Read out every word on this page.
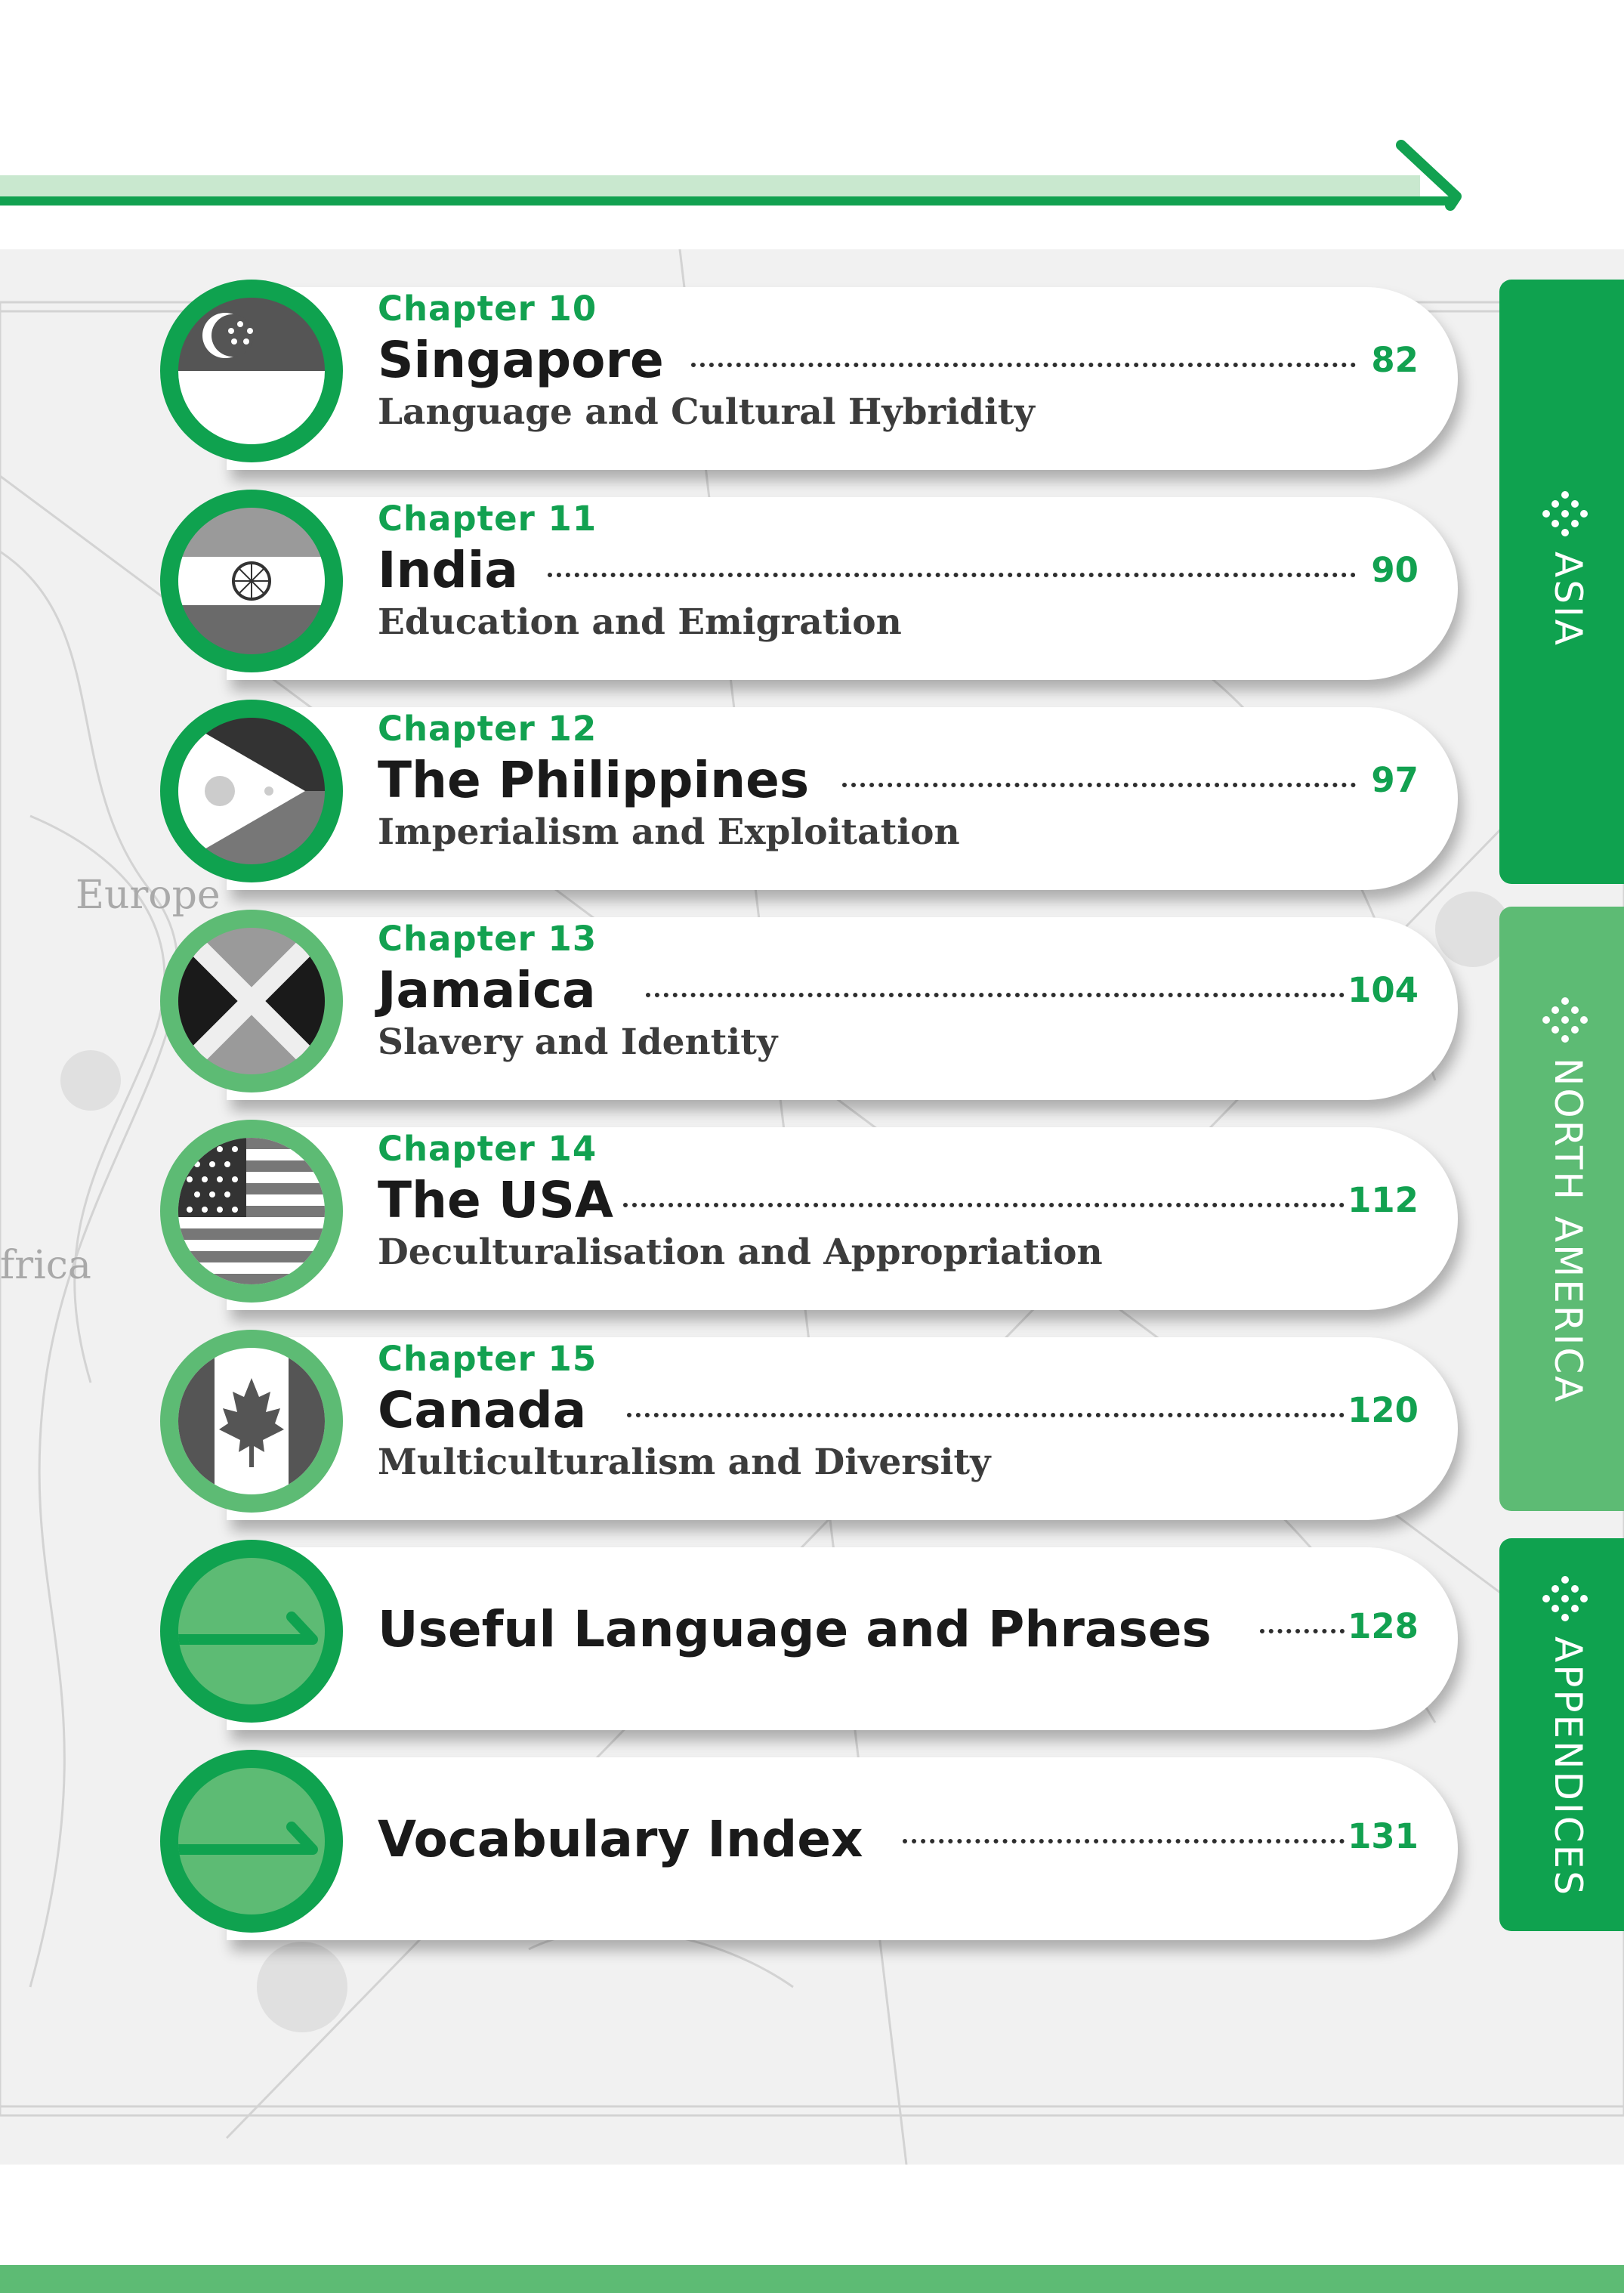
Europe
frica
Chapter 10
Singapore	82
Language and Cultural Hybridity
Chapter 11
India	90
Education and Emigration
Chapter 12
The Philippines	97
Imperialism and Exploitation
Chapter 13
Jamaica	104
Slavery and Identity
Chapter 14
The USA	112
Deculturalisation and Appropriation
Chapter 15
Canada	120
Multiculturalism and Diversity
Useful Language and Phrases	128
Vocabulary Index	131
ASIA
NORTH AMERICA
APPENDICES
